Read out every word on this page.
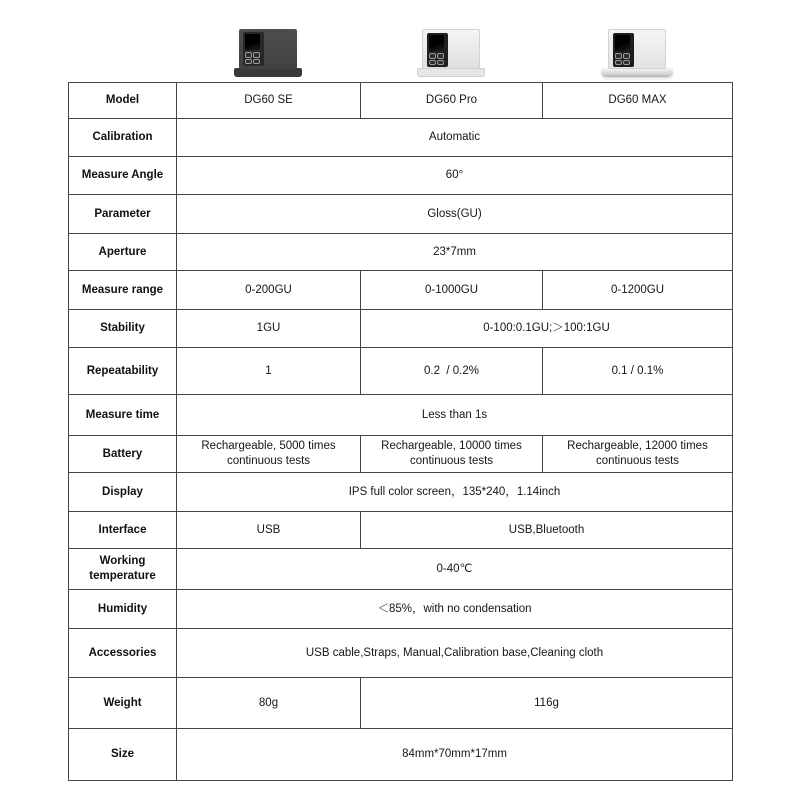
Model	DG60 SE	DG60 Pro	DG60 MAX
Calibration	Automatic		
Measure Angle	60°		
Parameter	Gloss(GU)		
Aperture	23*7mm		
Measure range	0-200GU	0-1000GU	0-1200GU
Stability	1GU	0-100:0.1GU;＞100:1GU	
Repeatability	1	0.2  / 0.2%	0.1 / 0.1%
Measure time	Less than 1s		
Battery	Rechargeable, 5000 times continuous tests	Rechargeable, 10000 times continuous tests	Rechargeable, 12000 times continuous tests
Display	IPS full color screen，135*240，1.14inch		
Interface	USB	USB,Bluetooth	
Working temperature	0-40℃		
Humidity	＜85%，with no condensation		
Accessories	USB cable,Straps, Manual,Calibration base,Cleaning cloth		
Weight	80g	116g	
Size	84mm*70mm*17mm		
